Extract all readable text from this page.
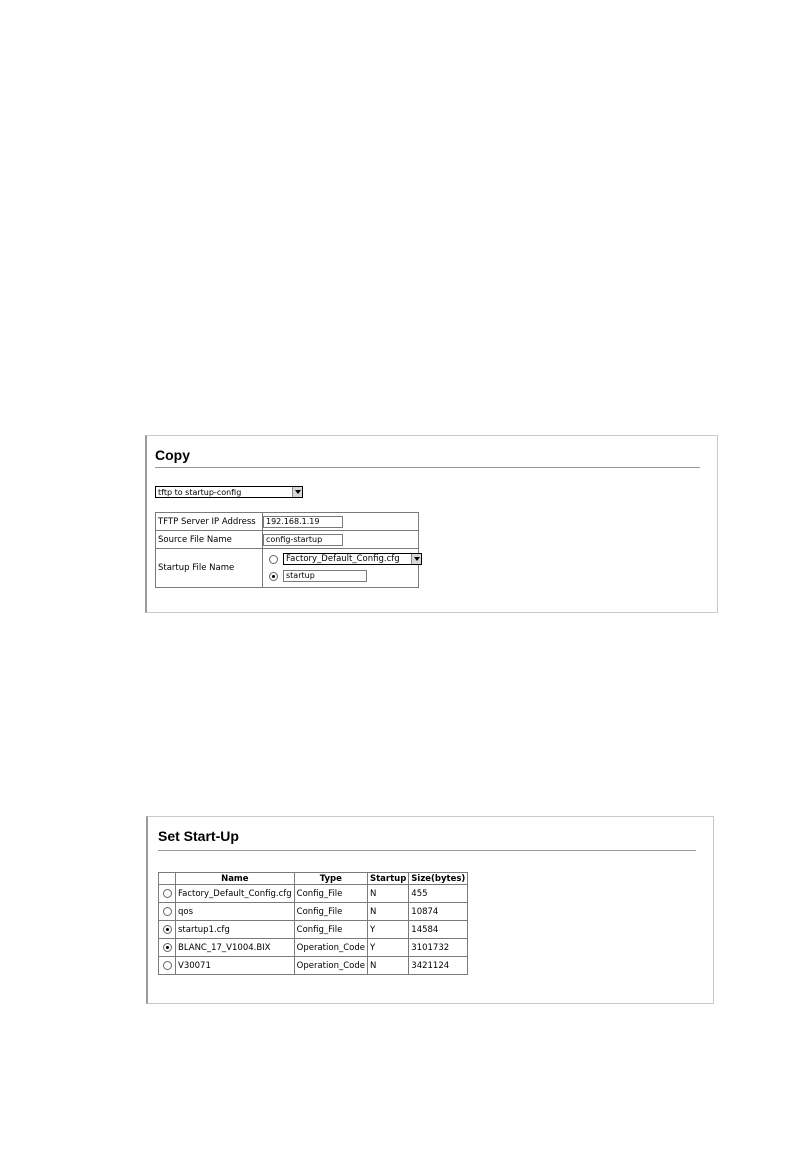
Copy
tftp to startup-config
TFTP Server IP Address	192.168.1.19

Source File Name	config-startup

Startup File Name	Factory_Default_Config.cfg
startup
Set Start-Up
	Name	Type	Startup	Size(bytes)
	Factory_Default_Config.cfg	Config_File	N	455
	qos	Config_File	N	10874
	startup1.cfg	Config_File	Y	14584
	BLANC_17_V1004.BIX	Operation_Code	Y	3101732
	V30071	Operation_Code	N	3421124
